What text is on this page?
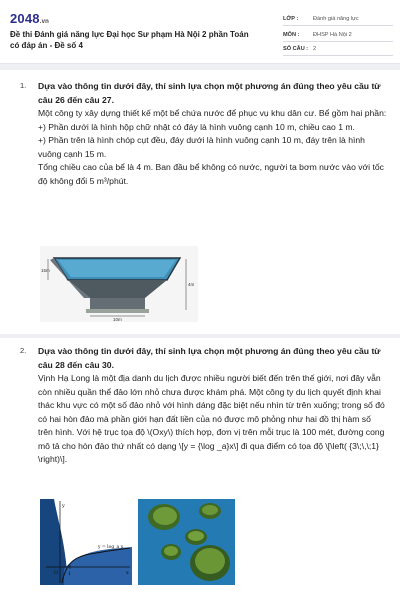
2048.vn
Đề thi Đánh giá năng lực Đại học Sư phạm Hà Nội 2 phần Toán có đáp án - Đề số 4
LỚP :	Đánh giá năng lực
MÔN : ĐHSP Hà Nội 2
SỐ CÂU : 2
1. Dựa vào thông tin dưới đây, thí sinh lựa chọn một phương án đúng theo yêu cầu từ câu 26 đến câu 27.

Một công ty xây dựng thiết kế một bể chứa nước để phục vụ khu dân cư. Bể gồm hai phần:

+) Phần dưới là hình hộp chữ nhật có đáy là hình vuông cạnh 10 m, chiều cao 1 m.

+) Phần trên là hình chóp cụt đều, đáy dưới là hình vuông cạnh 10 m, đáy trên là hình vuông cạnh 15 m.

Tổng chiều cao của bể là 4 m. Ban đầu bể không có nước, người ta bơm nước vào với tốc độ không đổi 5 m³/phút.

15m
4m
10m
2. Dựa vào thông tin dưới đây, thí sinh lựa chọn một phương án đúng theo yêu cầu từ câu 28 đến câu 30.

Vịnh Hạ Long là một địa danh du lịch được nhiều người biết đến trên thế giới, nơi đây vẫn còn nhiều quần thể đảo lớn nhỏ chưa được khám phá. Một công ty du lịch quyết định khai thác khu vực có một số đảo nhỏ với hình dáng đặc biệt nếu nhìn từ trên xuống; trong số đó có hai hòn đảo mà phần giới hạn đất liền của nó được mô phỏng như hai đồ thị hàm số trên hình. Với hệ trục tọa độ \(Oxy\) thích hợp, đơn vị trên mỗi trục là 100 mét, đường cong mô tả cho hòn đảo thứ nhất có dạng \[y = {\log _a}x\] đi qua điểm có tọa độ \[\left( {3\;\,\;1} \right)\].

y = log_a x
y
x
O 1
